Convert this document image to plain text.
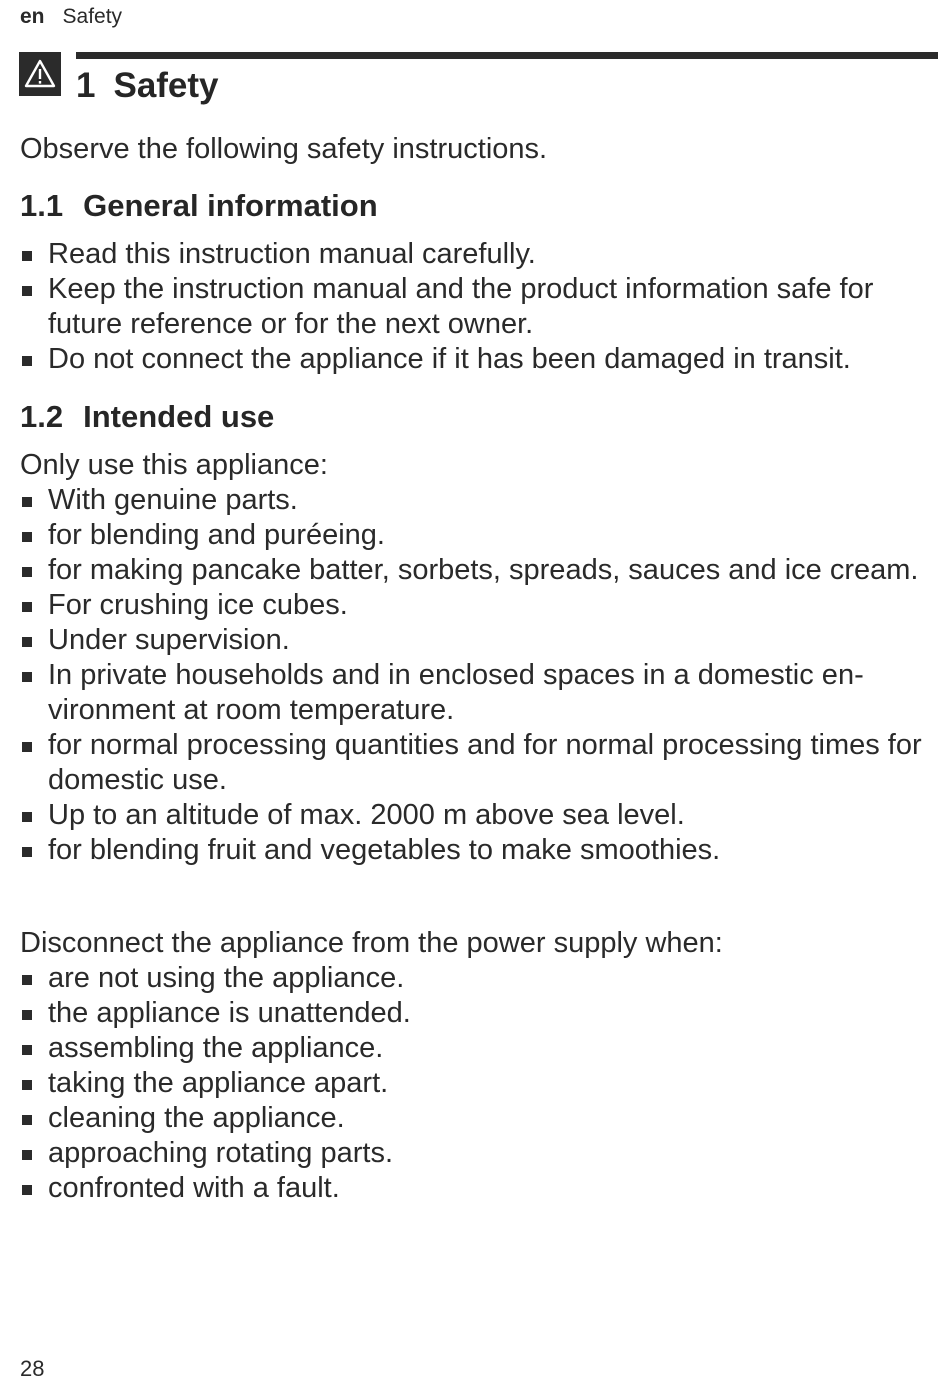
en Safety
1 Safety
Observe the following safety instructions.
1.1 General information
Read this instruction manual carefully.
Keep the instruction manual and the product information safe for future reference or for the next owner.
Do not connect the appliance if it has been damaged in transit.
1.2 Intended use
Only use this appliance:
With genuine parts.
for blending and puréeing.
for making pancake batter, sorbets, spreads, sauces and ice cream.
For crushing ice cubes.
Under supervision.
In private households and in enclosed spaces in a domestic en-vironment at room temperature.
for normal processing quantities and for normal processing times for domestic use.
Up to an altitude of max. 2000 m above sea level.
for blending fruit and vegetables to make smoothies.
Disconnect the appliance from the power supply when:
are not using the appliance.
the appliance is unattended.
assembling the appliance.
taking the appliance apart.
cleaning the appliance.
approaching rotating parts.
confronted with a fault.
28
